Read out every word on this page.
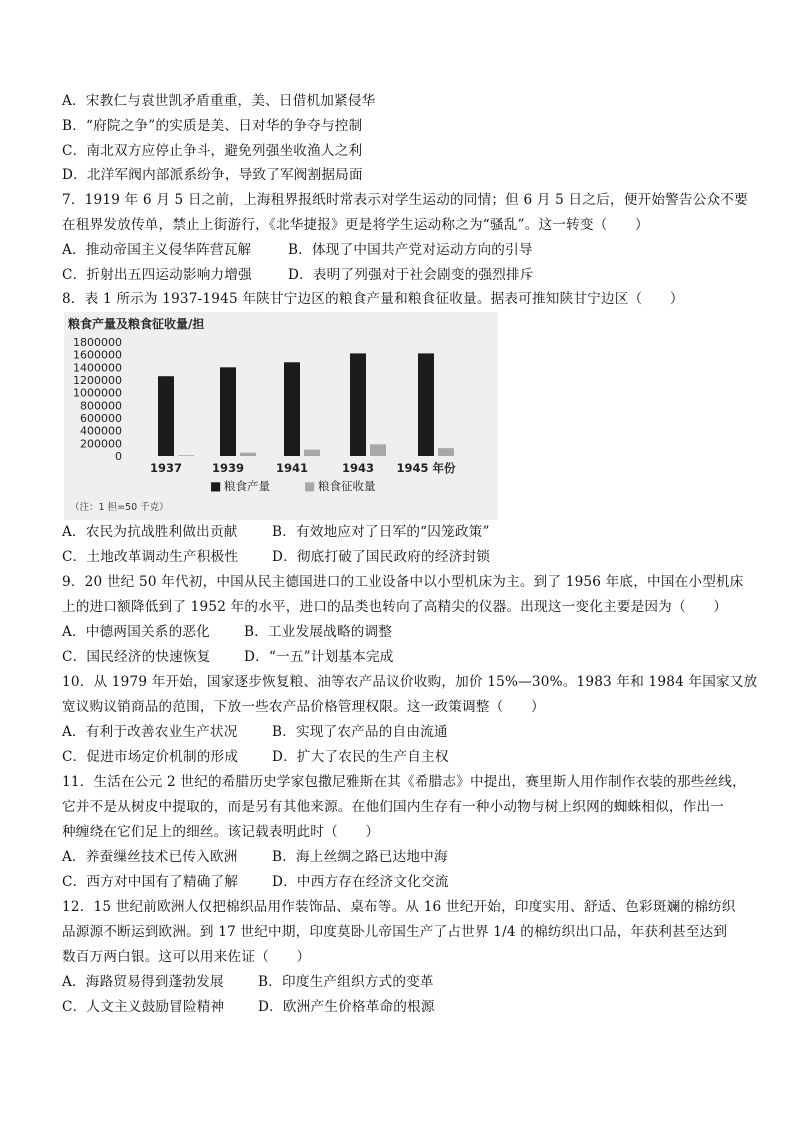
A．宋教仁与袁世凯矛盾重重，美、日借机加紧侵华
B．“府院之争”的实质是美、日对华的争夺与控制
C．南北双方应停止争斗，避免列强坐收渔人之利
D．北洋军阀内部派系纷争，导致了军阀割据局面
7．1919 年 6 月 5 日之前，上海租界报纸时常表示对学生运动的同情；但 6 月 5 日之后，便开始警告公众不要
在租界发放传单，禁止上街游行，《北华捷报》更是将学生运动称之为“骚乱”。这一转变（　　）
A．推动帝国主义侵华阵营瓦解	B．体现了中国共产党对运动方向的引导
C．折射出五四运动影响力增强	D．表明了列强对于社会剧变的强烈排斥
8．表 1 所示为 1937-1945 年陕甘宁边区的粮食产量和粮食征收量。据表可推知陕甘宁边区（　　）
粮食产量及粮食征收量/担
1800000
1600000
1400000
1200000
1000000
800000
600000
400000
200000
0
1937	1939	1941	1943 1945 年份
■ 粮食产量	■ 粮食征收量
（注：1 担=50 千克）
A．农民为抗战胜利做出贡献	B．有效地应对了日军的“囚笼政策”
C．土地改革调动生产积极性 D．彻底打破了国民政府的经济封锁
9．20 世纪 50 年代初，中国从民主德国进口的工业设备中以小型机床为主。到了 1956 年底，中国在小型机床
上的进口额降低到了 1952 年的水平，进口的品类也转向了高精尖的仪器。出现这一变化主要是因为（　　）
A．中德两国关系的恶化	B．工业发展战略的调整
C．国民经济的快速恢复 D．“一五”计划基本完成
10．从 1979 年开始，国家逐步恢复粮、油等农产品议价收购，加价 15%—30%。1983 年和 1984 年国家又放
宽议购议销商品的范围，下放一些农产品价格管理权限。这一政策调整（　　）
A．有利于改善农业生产状况	B．实现了农产品的自由流通
C．促进市场定价机制的形成 D．扩大了农民的生产自主权
11．生活在公元 2 世纪的希腊历史学家包撒尼雅斯在其《希腊志》中提出，赛里斯人用作制作衣装的那些丝线，
它并不是从树皮中提取的，而是另有其他来源。在他们国内生存有一种小动物与树上织网的蜘蛛相似，作出一
种缠绕在它们足上的细丝。该记载表明此时（　　）
A．养蚕缫丝技术已传入欧洲	B．海上丝绸之路已达地中海
C．西方对中国有了精确了解 D．中西方存在经济文化交流
12．15 世纪前欧洲人仅把棉织品用作装饰品、桌布等。从 16 世纪开始，印度实用、舒适、色彩斑斓的棉纺织
品源源不断运到欧洲。到 17 世纪中期，印度莫卧儿帝国生产了占世界 1/4 的棉纺织出口品，年获利甚至达到
数百万两白银。这可以用来佐证（　　）
A．海路贸易得到蓬勃发展	B．印度生产组织方式的变革
C．人文主义鼓励冒险精神 D．欧洲产生价格革命的根源
